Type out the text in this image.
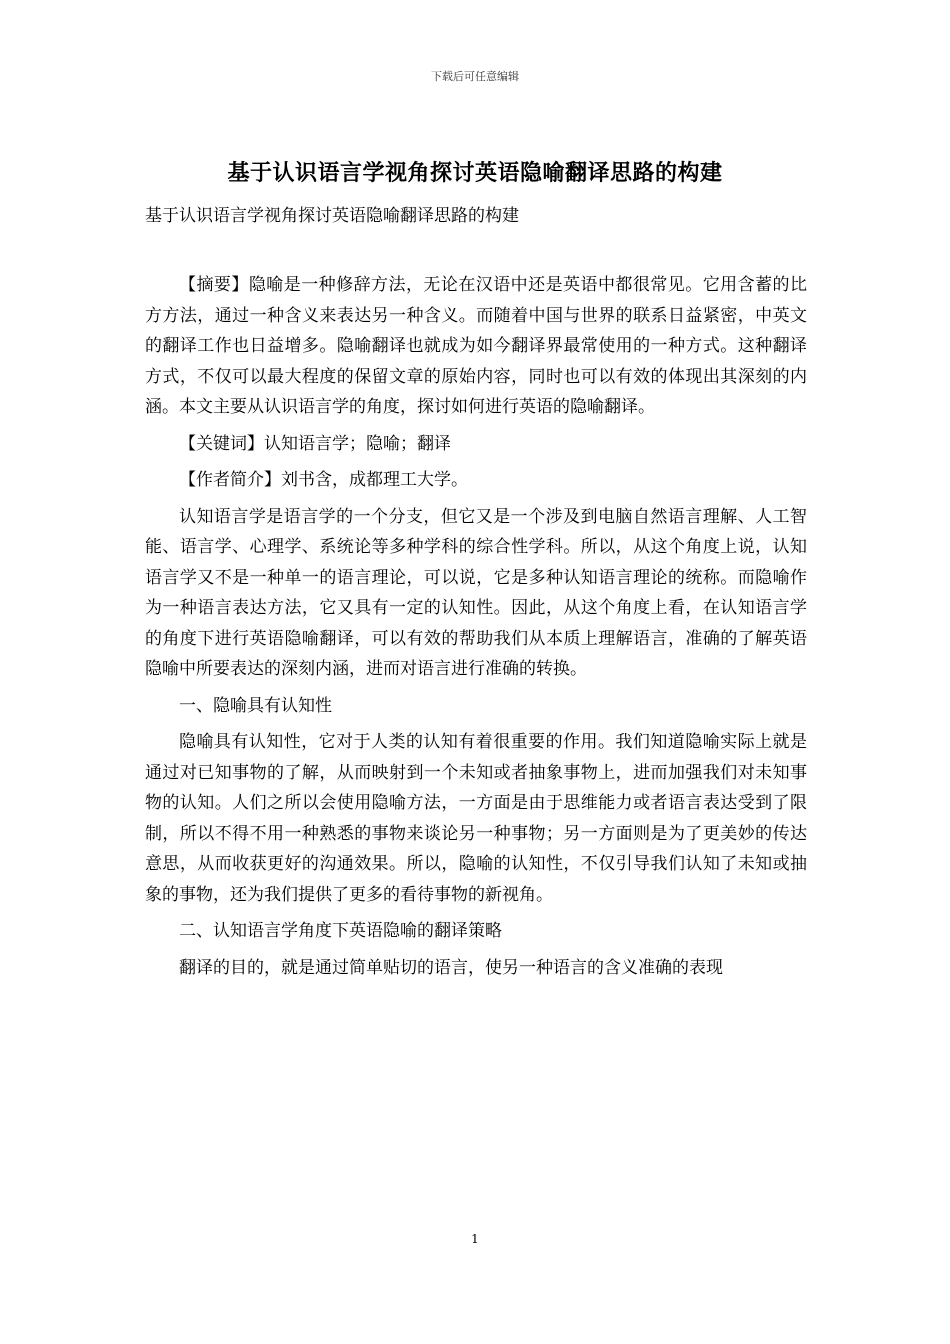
下载后可任意编辑
基于认识语言学视角探讨英语隐喻翻译思路的构建
基于认识语言学视角探讨英语隐喻翻译思路的构建

【摘要】隐喻是一种修辞方法，无论在汉语中还是英语中都很常见。它用含蓄的比方方法，通过一种含义来表达另一种含义。而随着中国与世界的联系日益紧密，中英文的翻译工作也日益增多。隐喻翻译也就成为如今翻译界最常使用的一种方式。这种翻译方式，不仅可以最大程度的保留文章的原始内容，同时也可以有效的体现出其深刻的内涵。本文主要从认识语言学的角度，探讨如何进行英语的隐喻翻译。

【关键词】认知语言学；隐喻；翻译

【作者简介】刘书含，成都理工大学。

认知语言学是语言学的一个分支，但它又是一个涉及到电脑自然语言理解、人工智能、语言学、心理学、系统论等多种学科的综合性学科。所以，从这个角度上说，认知语言学又不是一种单一的语言理论，可以说，它是多种认知语言理论的统称。而隐喻作为一种语言表达方法，它又具有一定的认知性。因此，从这个角度上看，在认知语言学的角度下进行英语隐喻翻译，可以有效的帮助我们从本质上理解语言，准确的了解英语隐喻中所要表达的深刻内涵，进而对语言进行准确的转换。

一、隐喻具有认知性

隐喻具有认知性，它对于人类的认知有着很重要的作用。我们知道隐喻实际上就是通过对已知事物的了解，从而映射到一个未知或者抽象事物上，进而加强我们对未知事物的认知。人们之所以会使用隐喻方法，一方面是由于思维能力或者语言表达受到了限制，所以不得不用一种熟悉的事物来谈论另一种事物；另一方面则是为了更美妙的传达意思，从而收获更好的沟通效果。所以，隐喻的认知性，不仅引导我们认知了未知或抽象的事物，还为我们提供了更多的看待事物的新视角。

二、认知语言学角度下英语隐喻的翻译策略

翻译的目的，就是通过简单贴切的语言，使另一种语言的含义准确的表现

1
